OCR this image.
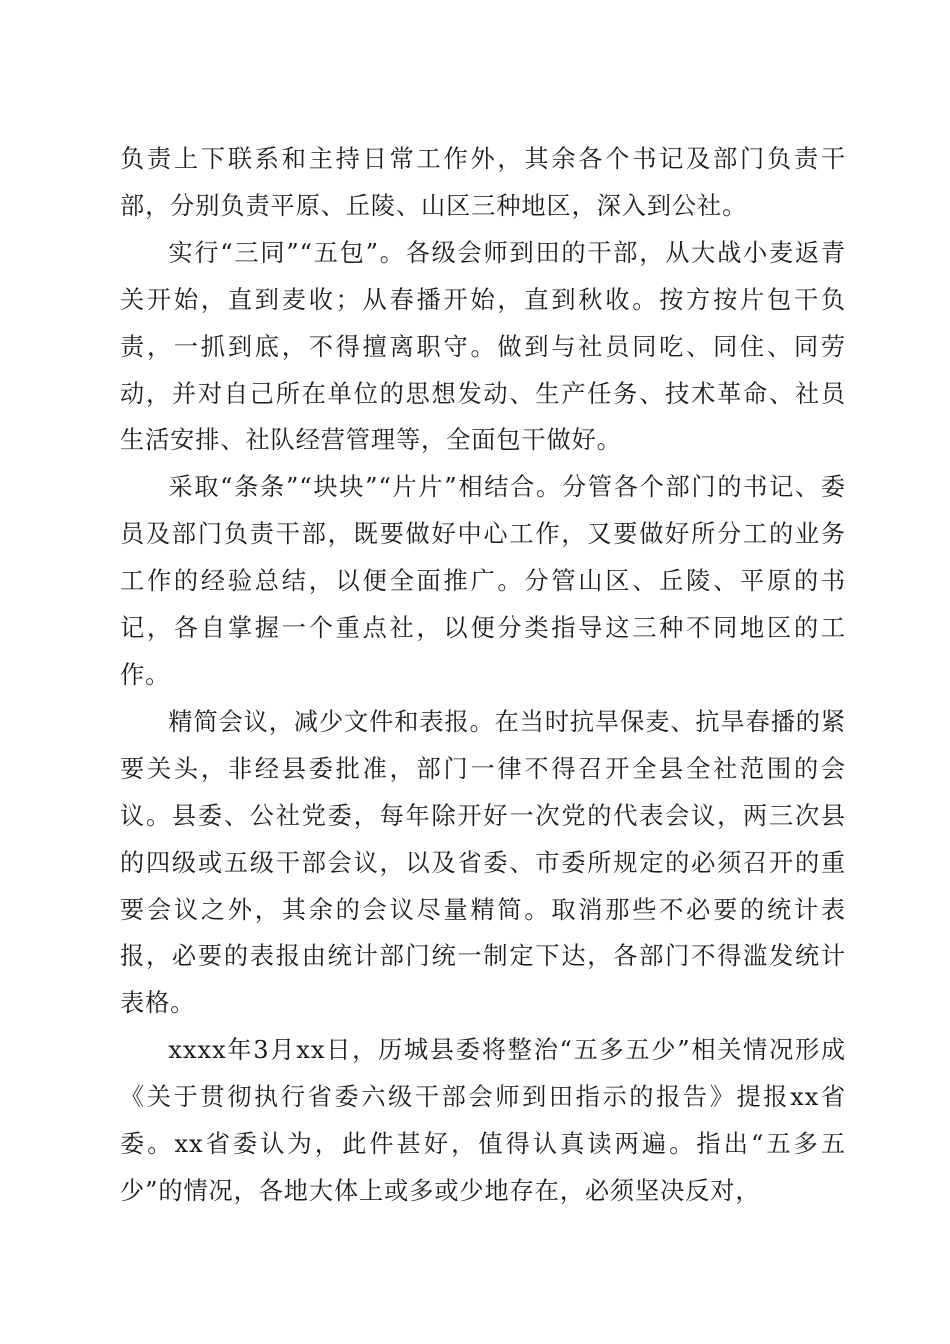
负责上下联系和主持日常工作外，其余各个书记及部门负责干部，分别负责平原、丘陵、山区三种地区，深入到公社。

实行“三同”“五包”。各级会师到田的干部，从大战小麦返青关开始，直到麦收；从春播开始，直到秋收。按方按片包干负责，一抓到底，不得擅离职守。做到与社员同吃、同住、同劳动，并对自己所在单位的思想发动、生产任务、技术革命、社员生活安排、社队经营管理等，全面包干做好。

采取“条条”“块块”“片片”相结合。分管各个部门的书记、委员及部门负责干部，既要做好中心工作，又要做好所分工的业务工作的经验总结，以便全面推广。分管山区、丘陵、平原的书记，各自掌握一个重点社，以便分类指导这三种不同地区的工作。

精简会议，减少文件和表报。在当时抗旱保麦、抗旱春播的紧要关头，非经县委批准，部门一律不得召开全县全社范围的会议。县委、公社党委，每年除开好一次党的代表会议，两三次县的四级或五级干部会议，以及省委、市委所规定的必须召开的重要会议之外，其余的会议尽量精简。取消那些不必要的统计表报，必要的表报由统计部门统一制定下达，各部门不得滥发统计表格。

xxxx年3月xx日，历城县委将整治“五多五少”相关情况形成《关于贯彻执行省委六级干部会师到田指示的报告》提报xx省委。xx省委认为，此件甚好，值得认真读两遍。指出“五多五少”的情况，各地大体上或多或少地存在，必须坚决反对，
